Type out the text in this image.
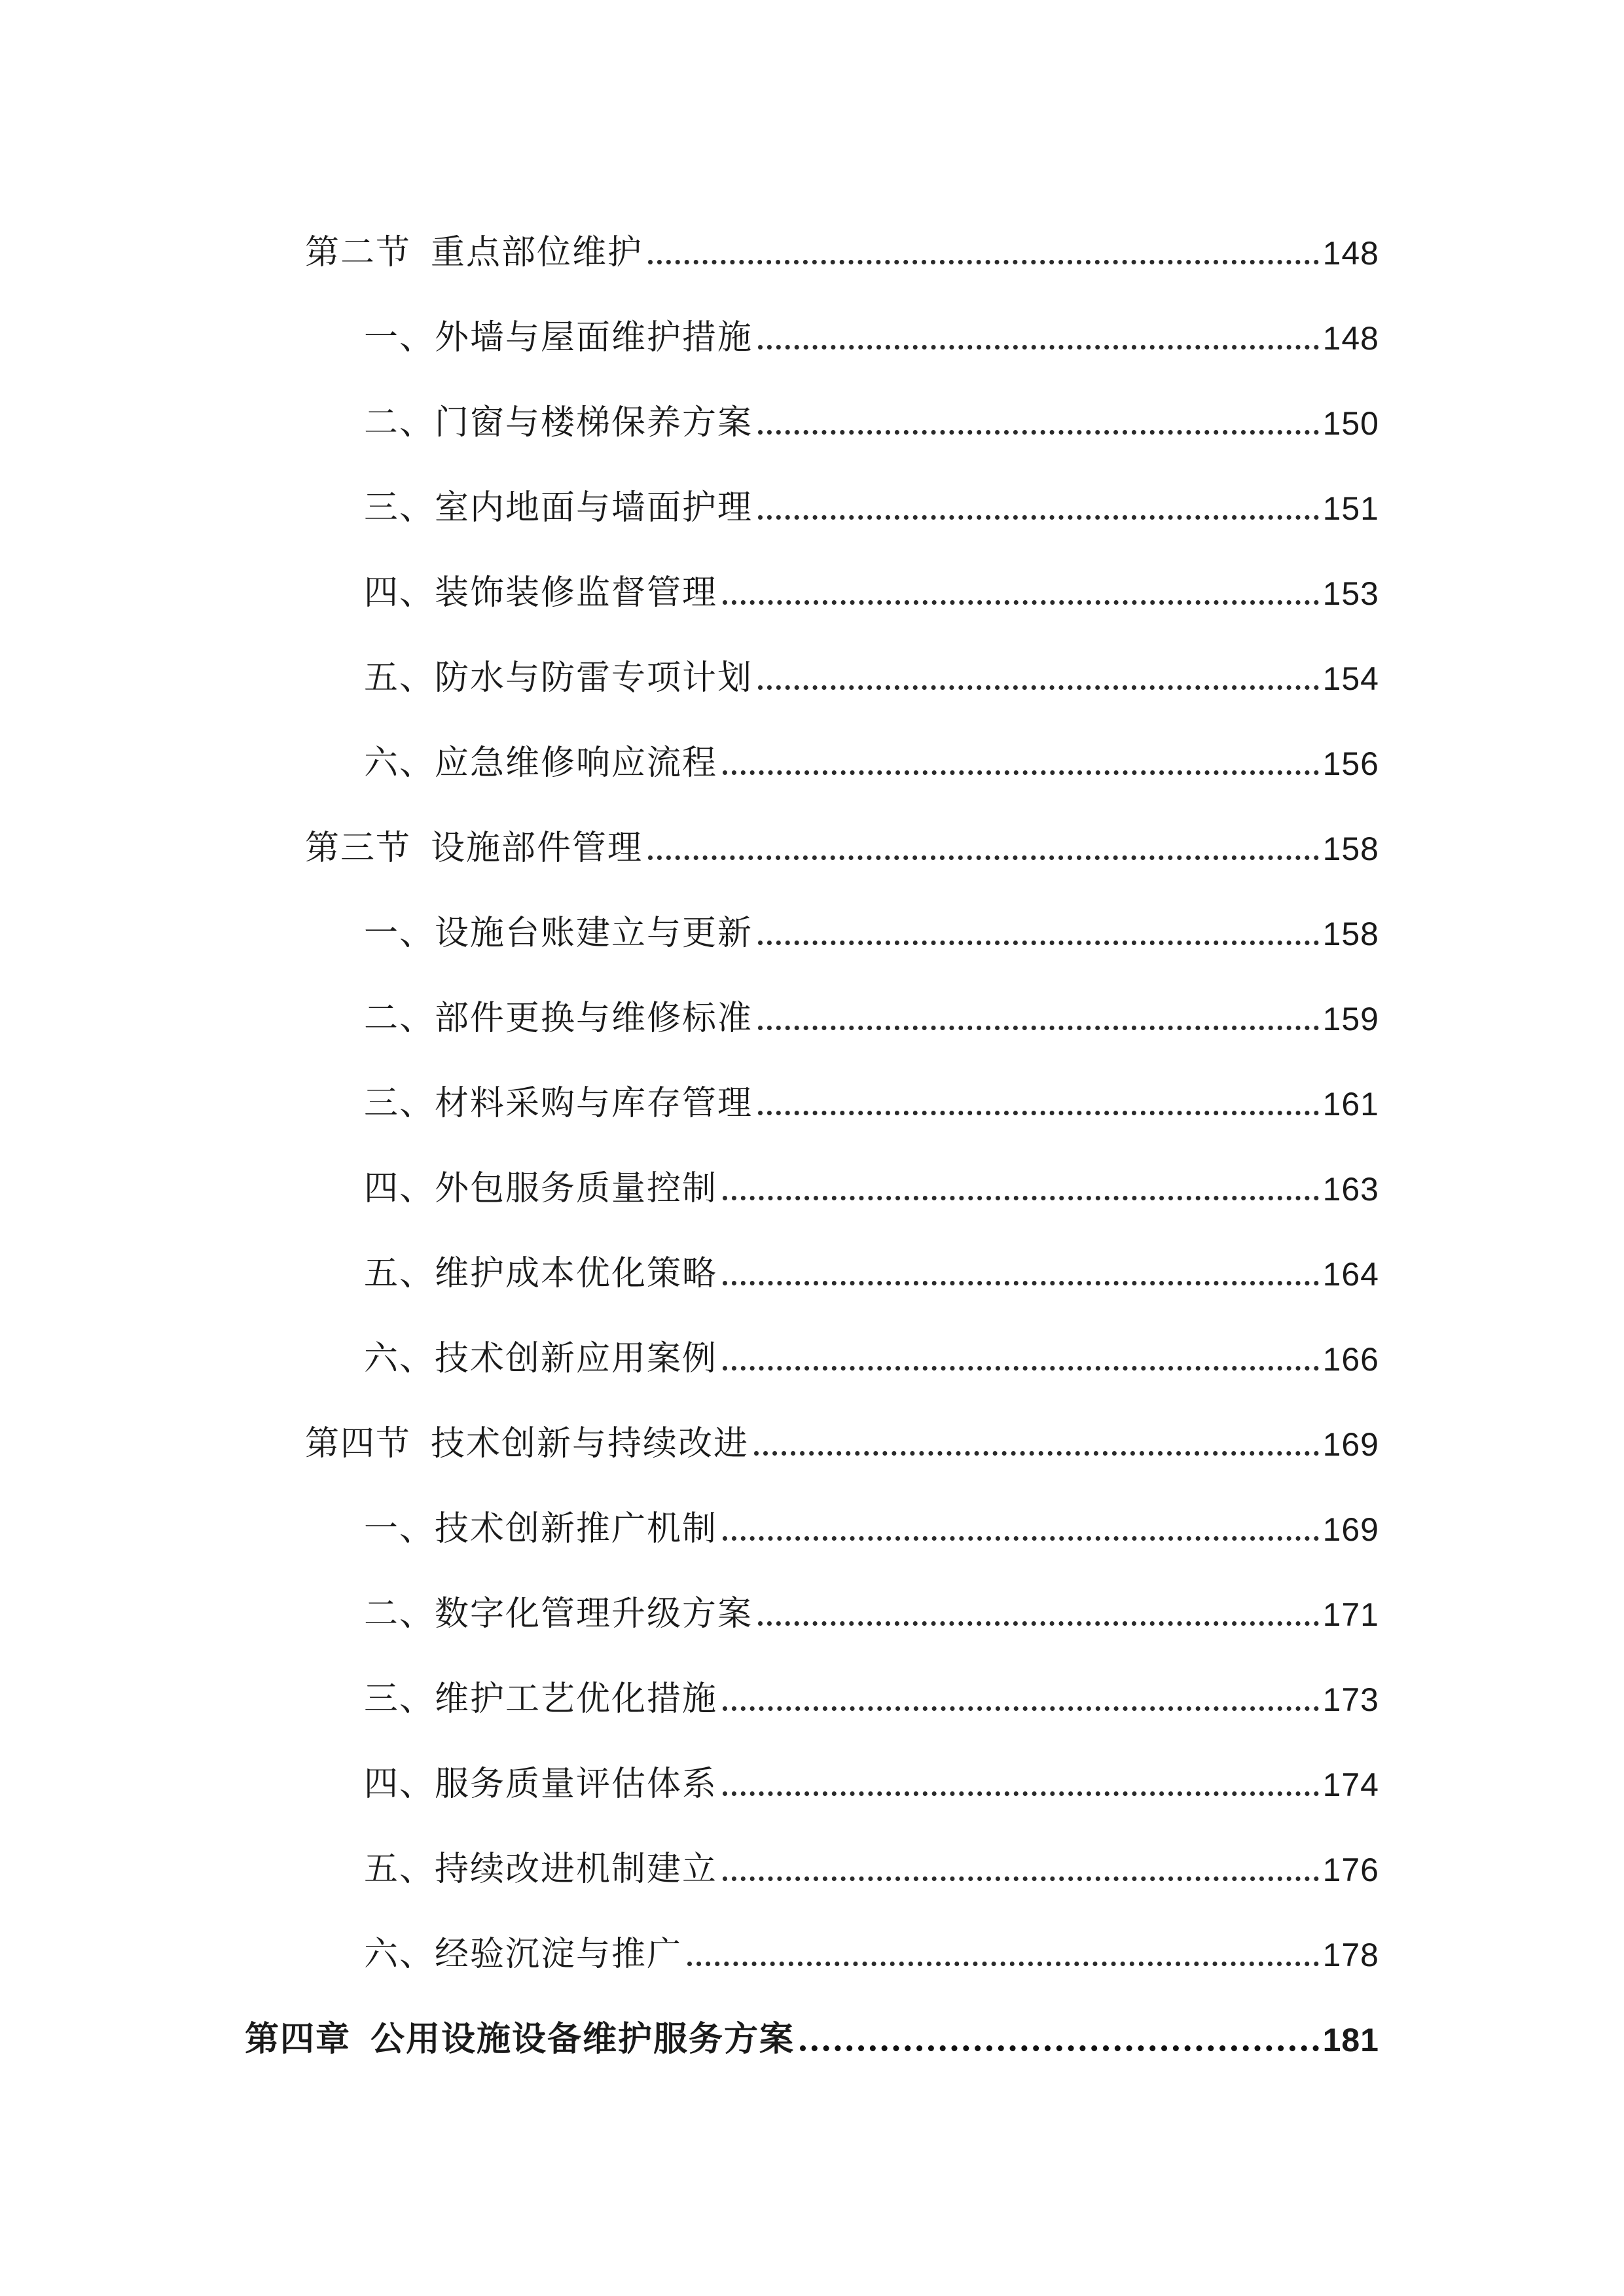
第二节 重点部位维护	148
一、外墙与屋面维护措施	148
二、门窗与楼梯保养方案	150
三、室内地面与墙面护理	151
四、装饰装修监督管理	153
五、防水与防雷专项计划	154
六、应急维修响应流程	156
第三节 设施部件管理	158
一、设施台账建立与更新	158
二、部件更换与维修标准	159
三、材料采购与库存管理	161
四、外包服务质量控制	163
五、维护成本优化策略	164
六、技术创新应用案例	166
第四节 技术创新与持续改进	169
一、技术创新推广机制	169
二、数字化管理升级方案	171
三、维护工艺优化措施	173
四、服务质量评估体系	174
五、持续改进机制建立	176
六、经验沉淀与推广	178
第四章 公用设施设备维护服务方案	181
